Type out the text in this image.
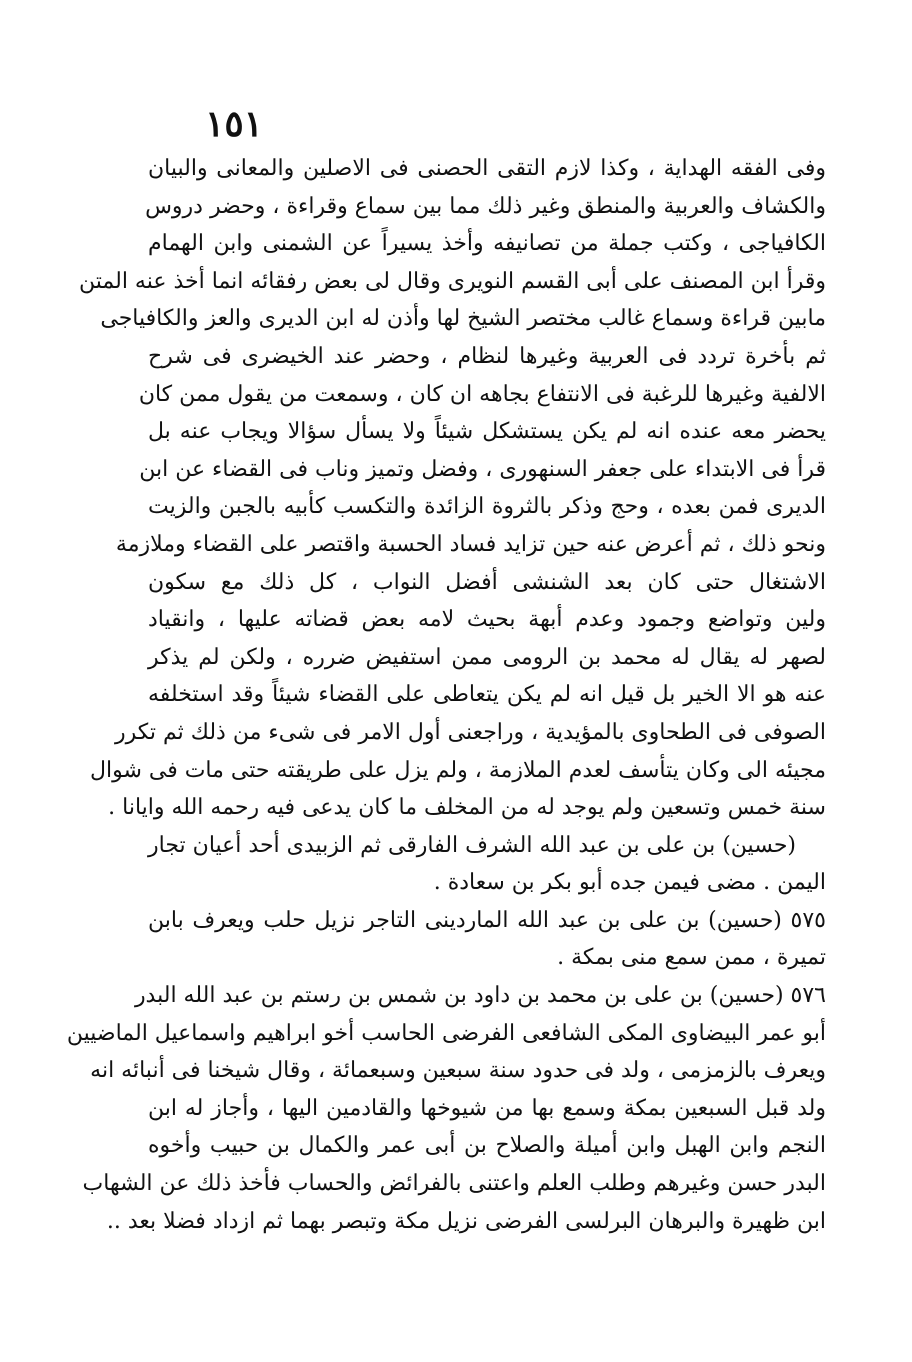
١٥١
وفى الفقه الهداية ، وكذا لازم التقى الحصنى فى الاصلين والمعانى والبيان
والكشاف والعربية والمنطق وغير ذلك مما بين سماع وقراءة ، وحضر دروس
الكافياجى ، وكتب جملة من تصانيفه وأخذ يسيراً عن الشمنى وابن الهمام
وقرأ ابن المصنف على أبى القسم النويرى وقال لى بعض رفقائه انما أخذ عنه المتن
مابين قراءة وسماع غالب مختصر الشيخ لها وأذن له ابن الديرى والعز والكافياجى
ثم بأخرة تردد فى العربية وغيرها لنظام ، وحضر عند الخيضرى فى شرح
الالفية وغيرها للرغبة فى الانتفاع بجاهه ان كان ، وسمعت من يقول ممن كان
يحضر معه عنده انه لم يكن يستشكل شيئاً ولا يسأل سؤالا ويجاب عنه بل
قرأ فى الابتداء على جعفر السنهورى ، وفضل وتميز وناب فى القضاء عن ابن
الديرى فمن بعده ، وحج وذكر بالثروة الزائدة والتكسب كأبيه بالجبن والزيت
ونحو ذلك ، ثم أعرض عنه حين تزايد فساد الحسبة واقتصر على القضاء وملازمة
الاشتغال حتى كان بعد الشنشى أفضل النواب ، كل ذلك مع سكون
ولين وتواضع وجمود وعدم أبهة بحيث لامه بعض قضاته عليها ، وانقياد
لصهر له يقال له محمد بن الرومى ممن استفيض ضرره ، ولكن لم يذكر
عنه هو الا الخير بل قيل انه لم يكن يتعاطى على القضاء شيئاً وقد استخلفه
الصوفى فى الطحاوى بالمؤيدية ، وراجعنى أول الامر فى شىء من ذلك ثم تكرر
مجيئه الى وكان يتأسف لعدم الملازمة ، ولم يزل على طريقته حتى مات فى شوال
سنة خمس وتسعين ولم يوجد له من المخلف ما كان يدعى فيه رحمه الله وايانا .
(حسين) بن على بن عبد الله الشرف الفارقى ثم الزبيدى أحد أعيان تجار
اليمن . مضى فيمن جده أبو بكر بن سعادة .
٥٧٥ (حسين) بن على بن عبد الله الماردينى التاجر نزيل حلب ويعرف بابن
تميرة ، ممن سمع منى بمكة .
٥٧٦ (حسين) بن على بن محمد بن داود بن شمس بن رستم بن عبد الله البدر
أبو عمر البيضاوى المكى الشافعى الفرضى الحاسب أخو ابراهيم واسماعيل الماضيين
ويعرف بالزمزمى ، ولد فى حدود سنة سبعين وسبعمائة ، وقال شيخنا فى أنبائه انه
ولد قبل السبعين بمكة وسمع بها من شيوخها والقادمين اليها ، وأجاز له ابن
النجم وابن الهبل وابن أميلة والصلاح بن أبى عمر والكمال بن حبيب وأخوه
البدر حسن وغيرهم وطلب العلم واعتنى بالفرائض والحساب فأخذ ذلك عن الشهاب
ابن ظهيرة والبرهان البرلسى الفرضى نزيل مكة وتبصر بهما ثم ازداد فضلا بعد ..
